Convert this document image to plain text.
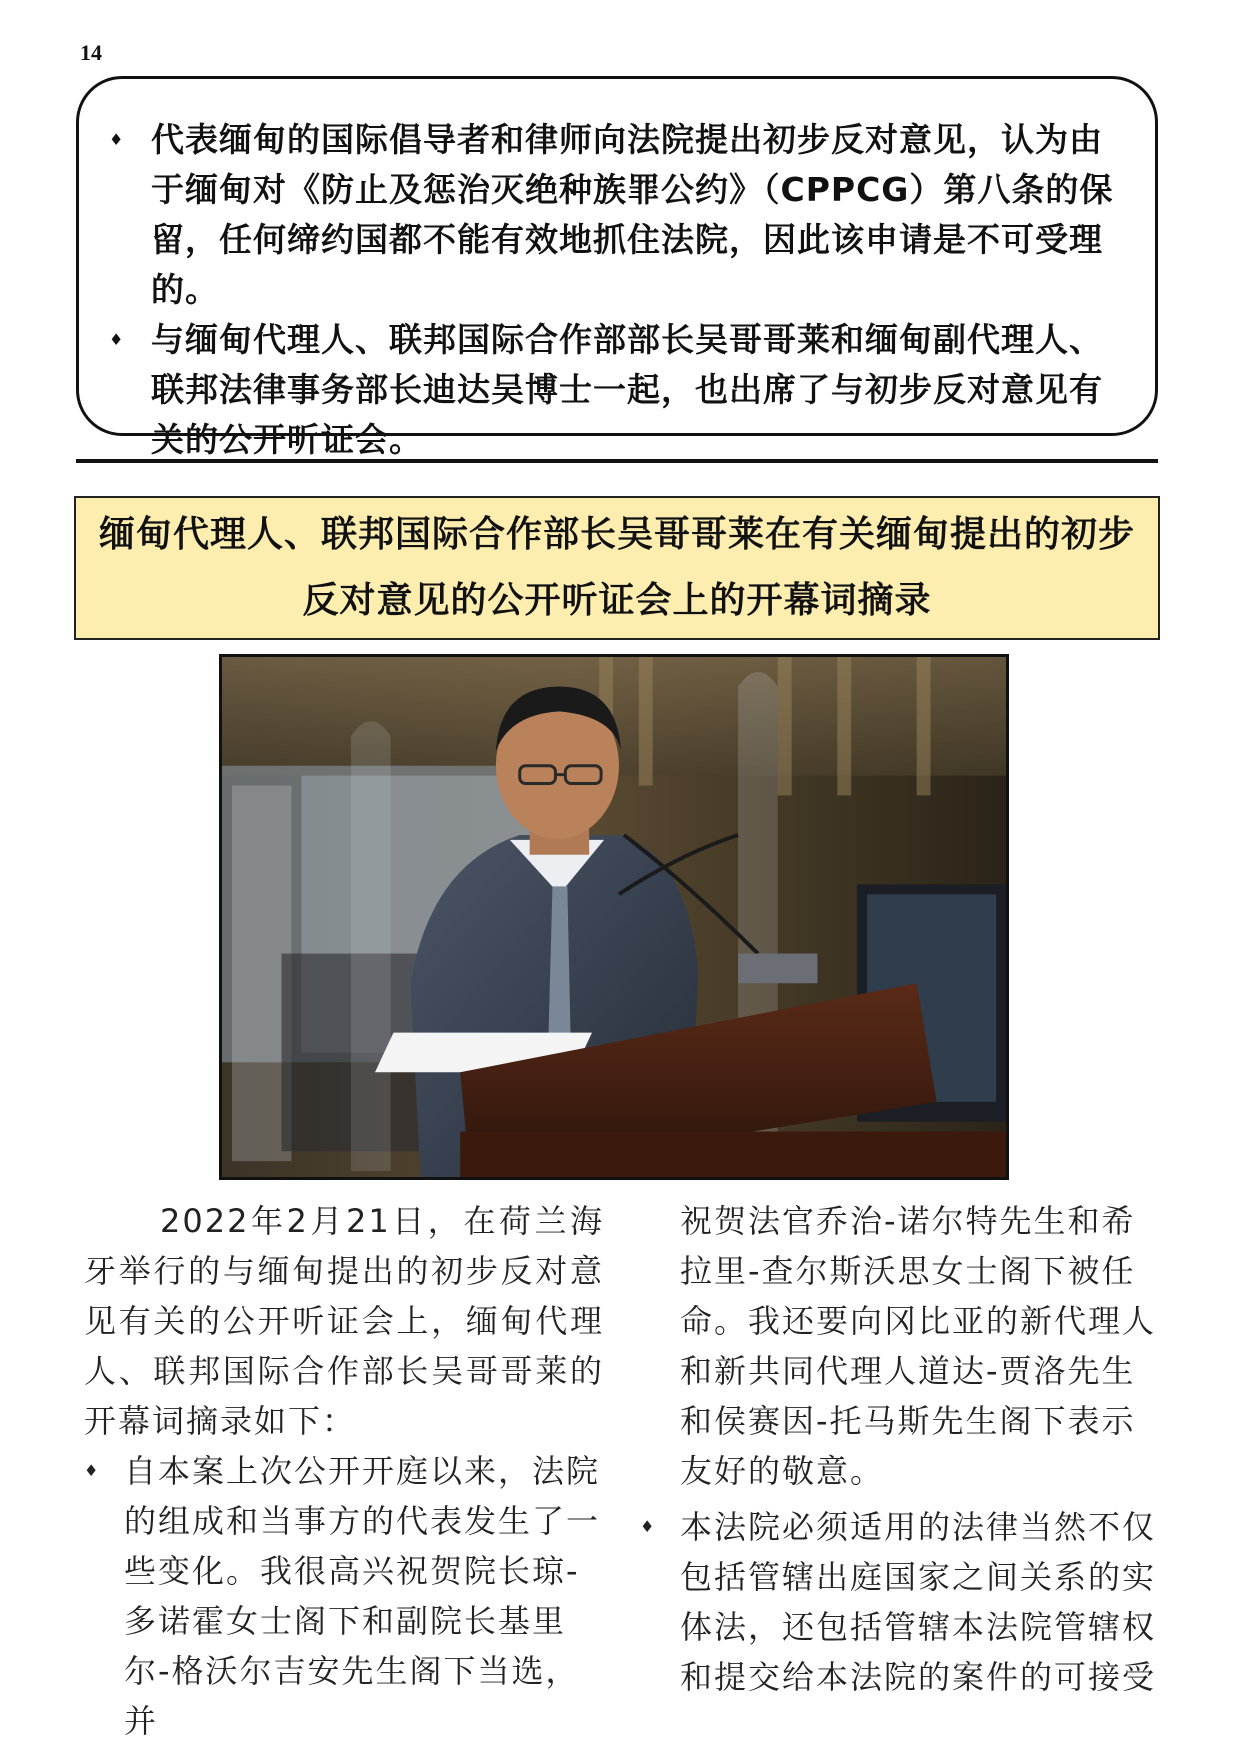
14
♦ 代表缅甸的国际倡导者和律师向法院提出初步反对意见，认为由于缅甸对《防止及惩治灭绝种族罪公约》（CPPCG）第八条的保留，任何缔约国都不能有效地抓住法院，因此该申请是不可受理的。
♦ 与缅甸代理人、联邦国际合作部部长吴哥哥莱和缅甸副代理人、联邦法律事务部长迪达吴博士一起，也出席了与初步反对意见有关的公开听证会。
缅甸代理人、联邦国际合作部长吴哥哥莱在有关缅甸提出的初步反对意见的公开听证会上的开幕词摘录

2022年2月21日，在荷兰海牙举行的与缅甸提出的初步反对意见有关的公开听证会上，缅甸代理人、联邦国际合作部长吴哥哥莱的开幕词摘录如下：

♦ 自本案上次公开开庭以来，法院的组成和当事方的代表发生了一些变化。我很高兴祝贺院长琼-多诺霍女士阁下和副院长基里尔-格沃尔吉安先生阁下当选，并
祝贺法官乔治-诺尔特先生和希拉里-查尔斯沃思女士阁下被任命。我还要向冈比亚的新代理人和新共同代理人道达-贾洛先生和侯赛因-托马斯先生阁下表示友好的敬意。
♦ 本法院必须适用的法律当然不仅包括管辖出庭国家之间关系的实体法，还包括管辖本法院管辖权和提交给本法院的案件的可接受
